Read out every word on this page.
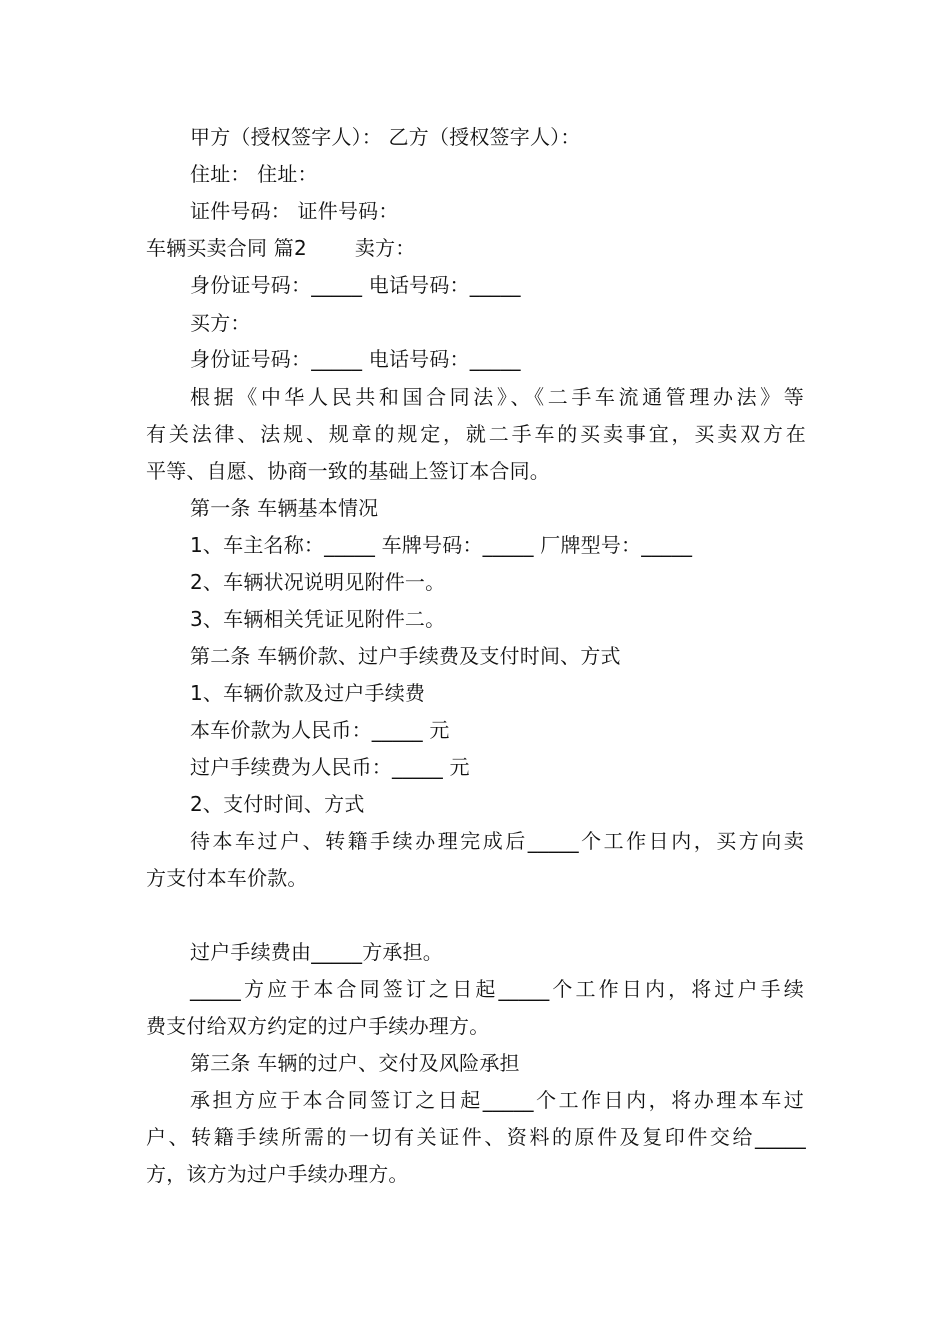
甲方（授权签字人）： 乙方（授权签字人）：
住址： 住址：
证件号码： 证件号码：
车辆买卖合同 篇2 卖方：
身份证号码：_____ 电话号码：_____
买方：
身份证号码：_____ 电话号码：_____
根据《中华人民共和国合同法》、《二手车流通管理办法》等
有关法律、法规、规章的规定，就二手车的买卖事宜，买卖双方在
平等、自愿、协商一致的基础上签订本合同。
第一条 车辆基本情况
1、车主名称：_____ 车牌号码：_____ 厂牌型号：_____
2、车辆状况说明见附件一。
3、车辆相关凭证见附件二。
第二条 车辆价款、过户手续费及支付时间、方式
1、车辆价款及过户手续费
本车价款为人民币：_____ 元
过户手续费为人民币：_____ 元
2、支付时间、方式
待本车过户、转籍手续办理完成后_____个工作日内，买方向卖
方支付本车价款。
过户手续费由_____方承担。
_____方应于本合同签订之日起_____个工作日内，将过户手续
费支付给双方约定的过户手续办理方。
第三条 车辆的过户、交付及风险承担
承担方应于本合同签订之日起_____个工作日内，将办理本车过
户、转籍手续所需的一切有关证件、资料的原件及复印件交给_____
方，该方为过户手续办理方。
